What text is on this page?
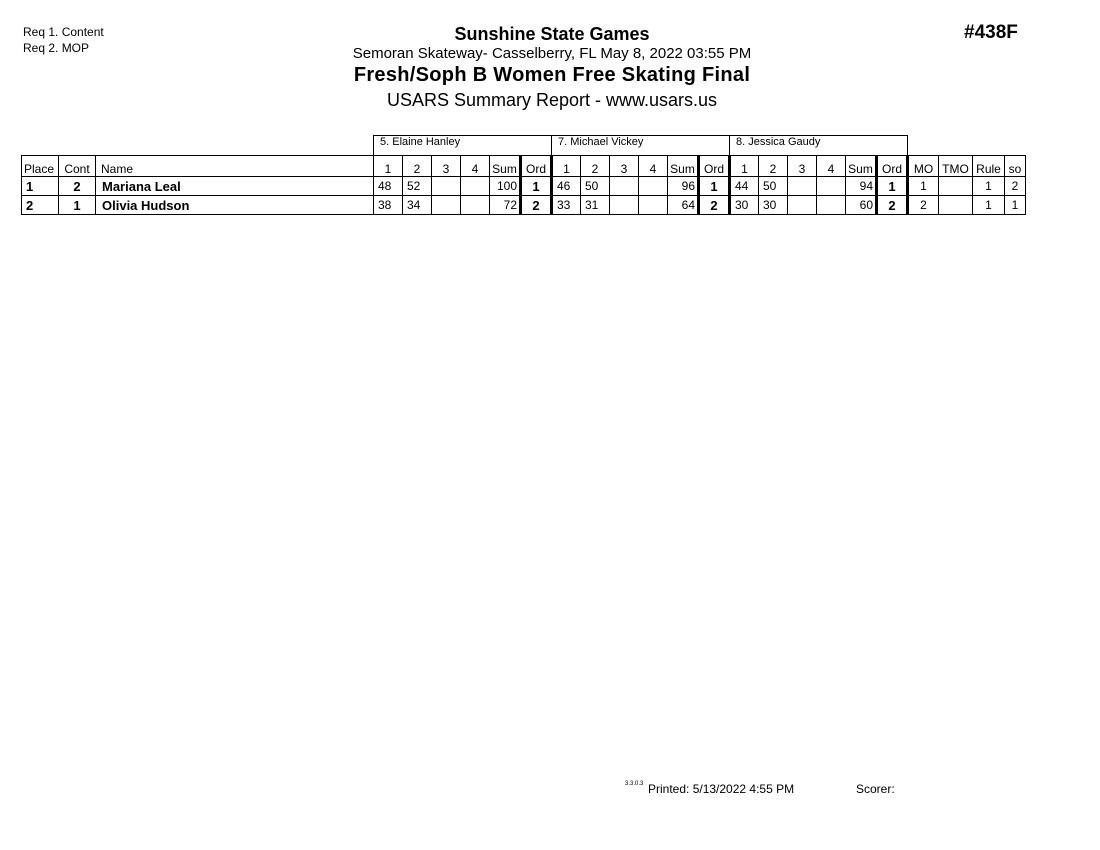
Req 1. Content
Req 2. MOP
#438F
Sunshine State Games
Semoran Skateway- Casselberry, FL May 8, 2022 03:55 PM
Fresh/Soph B Women Free Skating Final
USARS Summary Report - www.usars.us
			5. Elaine Hanley						7. Michael Vickey						8. Jessica Gaudy									
Place	Cont	Name	1	2	3	4	Sum	Ord	1	2	3	4	Sum	Ord	1	2	3	4	Sum	Ord	MO	TMO	Rule	so
1	2	Mariana Leal	48	52			100	1	46	50			96	1	44	50			94	1	1		1	2
2	1	Olivia Hudson	38	34			72	2	33	31			64	2	30	30			60	2	2		1	1
3.3.0.3 Printed: 5/13/2022 4:55 PM	Scorer:
